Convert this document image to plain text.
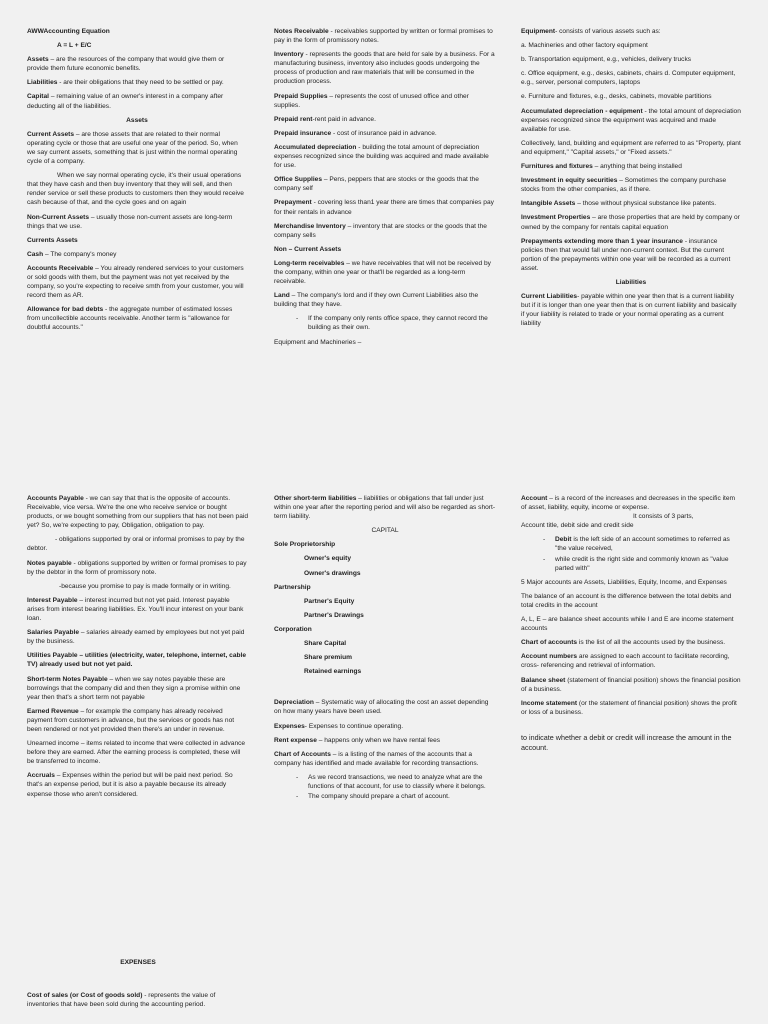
AWWAccounting Equation

A = L + E/C

Assets – are the resources of the company that would give them or provide them future economic benefits.

Liabilities - are their obligations that they need to be settled or pay.

Capital – remaining value of an owner's interest in a company after deducting all of the liabilities.

Assets

Current Assets – are those assets that are related to their normal operating cycle or those that are useful one year of the period. So, when we say current assets, something that is just within the normal operating cycle of a company.

When we say normal operating cycle, it's their usual operations that they have cash and then buy inventory that they will sell, and then render service or sell these products to customers then they would receive cash because of that, and the cycle goes and on again

Non-Current Assets – usually those non-current assets are long-term things that we use.

Currents Assets

Cash – The company's money

Accounts Receivable – You already rendered services to your customers or sold goods with them, but the payment was not yet received by the company, so you're expecting to receive smth from your customer, you will record them as AR.

Allowance for bad debts - the aggregate number of estimated losses from uncollectible accounts receivable. Another term is "allowance for doubtful accounts."

Notes Receivable - receivables supported by written or formal promises to pay in the form of promissory notes.

Inventory - represents the goods that are held for sale by a business. For a manufacturing business, inventory also includes goods undergoing the process of production and raw materials that will be consumed in the production process.

Prepaid Supplies – represents the cost of unused office and other supplies.

Prepaid rent-rent paid in advance.

Prepaid insurance - cost of insurance paid in advance.

Accumulated depreciation - building the total amount of depreciation expenses recognized since the building was acquired and made available for use.

Office Supplies – Pens, peppers that are stocks or the goods that the company self

Prepayment - covering less than1 year there are times that companies pay for their rentals in advance

Merchandise Inventory – inventory that are stocks or the goods that the company sells

Non – Current Assets

Long-term receivables – we have receivables that will not be received by the company, within one year or that'll be regarded as a long-term receivable.

Land – The company's lord and if they own Current Liabilities also the building that they have.

- If the company only rents office space, they cannot record the building as their own.

Equipment and Machineries –

Equipment- consists of various assets such as:

a. Machineries and other factory equipment

b. Transportation equipment, e.g., vehicles, delivery trucks

c. Office equipment, e.g., desks, cabinets, chairs d. Computer equipment, e.g., server, personal computers, laptops

e. Furniture and fixtures, e.g., desks, cabinets, movable partitions

Accumulated depreciation - equipment - the total amount of depreciation expenses recognized since the equipment was acquired and made available for use.

Collectively, land, building and equipment are referred to as "Property, plant and equipment," "Capital assets," or "Fixed assets."

Furnitures and fixtures – anything that being installed

Investment in equity securities – Sometimes the company purchase stocks from the other companies, as if there.

Intangible Assets – those without physical substance like patents.

Investment Properties – are those properties that are held by company or owned by the company for rentals capital equation

Prepayments extending more than 1 year insurance - insurance policies then that would fall under non-current context. But the current portion of the prepayments within one year will be recorded as a current asset.

Liabilities

Current Liabilities- payable within one year then that is a current liability but if it is longer than one year then that is on current liability and basically if your liability is related to trade or your normal operating as a current liability

Accounts Payable - we can say that that is the opposite of accounts. Receivable, vice versa. We're the one who receive service or bought products, or we bought something from our suppliers that has not been paid yet? So, we're expecting to pay, Obligation, obligation to pay.

- obligations supported by oral or informal promises to pay by the debtor.

Notes payable - obligations supported by written or formal promises to pay by the debtor in the form of promissory note.

-because you promise to pay is made formally or in writing.

Interest Payable – interest incurred but not yet paid. Interest payable arises from interest bearing liabilities. Ex. You'll incur interest on your bank loan.

Salaries Payable – salaries already earned by employees but not yet paid by the business.

Utilities Payable – utilities (electricity, water, telephone, internet, cable TV) already used but not yet paid.

Short-term Notes Payable – when we say notes payable these are borrowings that the company did and then they sign a promise within one year then that's a short term not payable

Earned Revenue – for example the company has already received payment from customers in advance, but the services or goods has not been rendered or not yet provided then there's an under in revenue.

Unearned income – items related to income that were collected in advance before they are earned. After the earning process is completed, these will be transferred to income.

Accruals – Expenses within the period but will be paid next period. So that's an expense period, but it is also a payable because its already expense those who aren't considered.

Other short-term liabilities – liabilities or obligations that fall under just within one year after the reporting period and will also be regarded as short-term liability.

CAPITAL

Sole Proprietorship

Owner's equity

Owner's drawings

Partnership

Partner's Equity

Partner's Drawings

Corporation

Share Capital

Share premium

Retained earnings

Depreciation – Systematic way of allocating the cost an asset depending on how many years have been used.

Expenses- Expenses to continue operating.

Rent expense – happens only when we have rental fees

Chart of Accounts – is a listing of the names of the accounts that a company has identified and made available for recording transactions.

- As we record transactions, we need to analyze what are the functions of that account, for use to classify where it belongs.
- The company should prepare a chart of account.

Account – is a record of the increases and decreases in the specific item of asset, liability, equity, income or expense.

It consists of 3 parts,

Account title, debit side and credit side

- Debit is the left side of an account sometimes to referred as "the value received,
- while credit is the right side and commonly known as "value parted with"

5 Major accounts are Assets, Liabilities, Equity, Income, and Expenses

The balance of an account is the difference between the total debits and total credits in the account

A, L, E – are balance sheet accounts while I and E are income statement accounts

Chart of accounts is the list of all the accounts used by the business.

Account numbers are assigned to each account to facilitate recording, cross- referencing and retrieval of information.

Balance sheet (statement of financial position) shows the financial position of a business.

Income statement (or the statement of financial position) shows the profit or loss of a business.

to indicate whether a debit or credit will increase the amount in the account.

EXPENSES

Cost of sales (or Cost of goods sold) - represents the value of inventories that have been sold during the accounting period.
